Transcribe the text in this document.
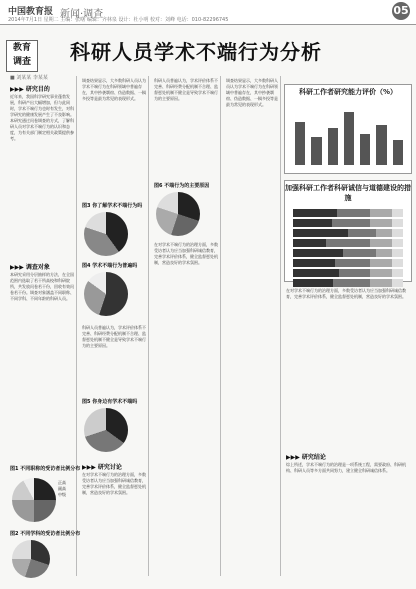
中国教育报 新闻·调查
2014年7月1日 星期二 主编：张曙 编辑：齐林泉 设计：杜小明 校对：刘峰 电话：010-82296745
05
教育
调查	科研人员学术不端行为分析
■ 刘某某 李某某
▶▶▶ 研究目的
近年来，我国科学研究事业蓬勃发展，科研产出大幅增加，但与此同时，学术不端行为也时有发生，对科学研究的健康发展产生了不良影响。本研究通过问卷调查的方式，了解科研人员对学术不端行为的认识和态度，为有关部门制定相关政策提供参考。
▶▶▶ 调查对象
本研究采用分层抽样的方法，在全国范围内选取了若干所高校和科研院所，共发放问卷若干份，回收有效问卷若干份。调查对象涵盖不同职称、不同学科、不同年龄的科研人员。
图1 不同职称的受访者比例分布
正高
副高
中级
图2 不同学科的受访者比例分布
调查结果显示，大多数科研人员认为学术不端行为在科研领域中普遍存在，其中抄袭剽窃、伪造数据、一稿多投等是最为常见的表现形式。
图3 你了解学术不端行为吗
图4 学术不端行为普遍吗
科研人员普遍认为，学术评价体系不完善、科研经费分配机制不合理、监督惩处机制不健全是导致学术不端行为的主要原因。
图5 你身边有学术不端吗
▶▶▶ 研究讨论
在对学术不端行为的治理方面，多数受访者认为应当加强科研诚信教育，完善学术评价体系，健全监督惩处机制，营造良好的学术氛围。
科研人员普遍认为，学术评价体系不完善、科研经费分配机制不合理、监督惩处机制不健全是导致学术不端行为的主要原因。
图6 不端行为的主要原因
在对学术不端行为的治理方面，多数受访者认为应当加强科研诚信教育，完善学术评价体系，健全监督惩处机制，营造良好的学术氛围。
调查结果显示，大多数科研人员认为学术不端行为在科研领域中普遍存在，其中抄袭剽窃、伪造数据、一稿多投等是最为常见的表现形式。
科研工作者研究能力评价（%）
加强科研工作者科研诚信与道德建设的措施
在对学术不端行为的治理方面，多数受访者认为应当加强科研诚信教育，完善学术评价体系，健全监督惩处机制，营造良好的学术氛围。
▶▶▶ 研究结论
综上所述，学术不端行为的治理是一项系统工程，需要政府、科研机构、科研人员等多方面共同努力，建立健全科研诚信体系。
